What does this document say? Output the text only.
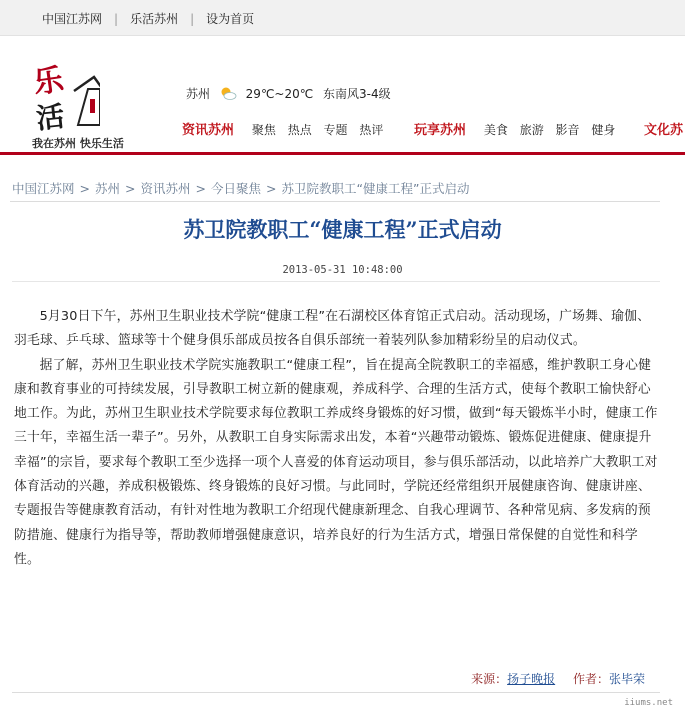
中国江苏网 | 乐活苏州 | 设为首页
乐
活
我在苏州 快乐生活
苏州	29℃~20℃ 东南风3-4级
资讯苏州 聚焦 热点 专题 热评 玩享苏州 美食 旅游 影音 健身 文化苏
中国江苏网 > 苏州 > 资讯苏州 > 今日聚焦 > 苏卫院教职工“健康工程”正式启动
苏卫院教职工“健康工程”正式启动
2013-05-31 10:48:00

5月30日下午，苏州卫生职业技术学院“健康工程”在石湖校区体育馆正式启动。活动现场，广场舞、瑜伽、羽毛球、乒乓球、篮球等十个健身俱乐部成员按各自俱乐部统一着装列队参加精彩纷呈的启动仪式。

据了解，苏州卫生职业技术学院实施教职工“健康工程”，旨在提高全院教职工的幸福感，维护教职工身心健康和教育事业的可持续发展，引导教职工树立新的健康观，养成科学、合理的生活方式，使每个教职工愉快舒心地工作。为此，苏州卫生职业技术学院要求每位教职工养成终身锻炼的好习惯，做到“每天锻炼半小时，健康工作三十年，幸福生活一辈子”。另外，从教职工自身实际需求出发，本着“兴趣带动锻炼、锻炼促进健康、健康提升幸福”的宗旨，要求每个教职工至少选择一项个人喜爱的体育运动项目，参与俱乐部活动，以此培养广大教职工对体育活动的兴趣，养成积极锻炼、终身锻炼的良好习惯。与此同时，学院还经常组织开展健康咨询、健康讲座、专题报告等健康教育活动，有针对性地为教职工介绍现代健康新理念、自我心理调节、各种常见病、多发病的预防措施、健康行为指导等，帮助教师增强健康意识，培养良好的行为生活方式，增强日常保健的自觉性和科学性。

来源：扬子晚报 作者：张毕荣
iiums.net
